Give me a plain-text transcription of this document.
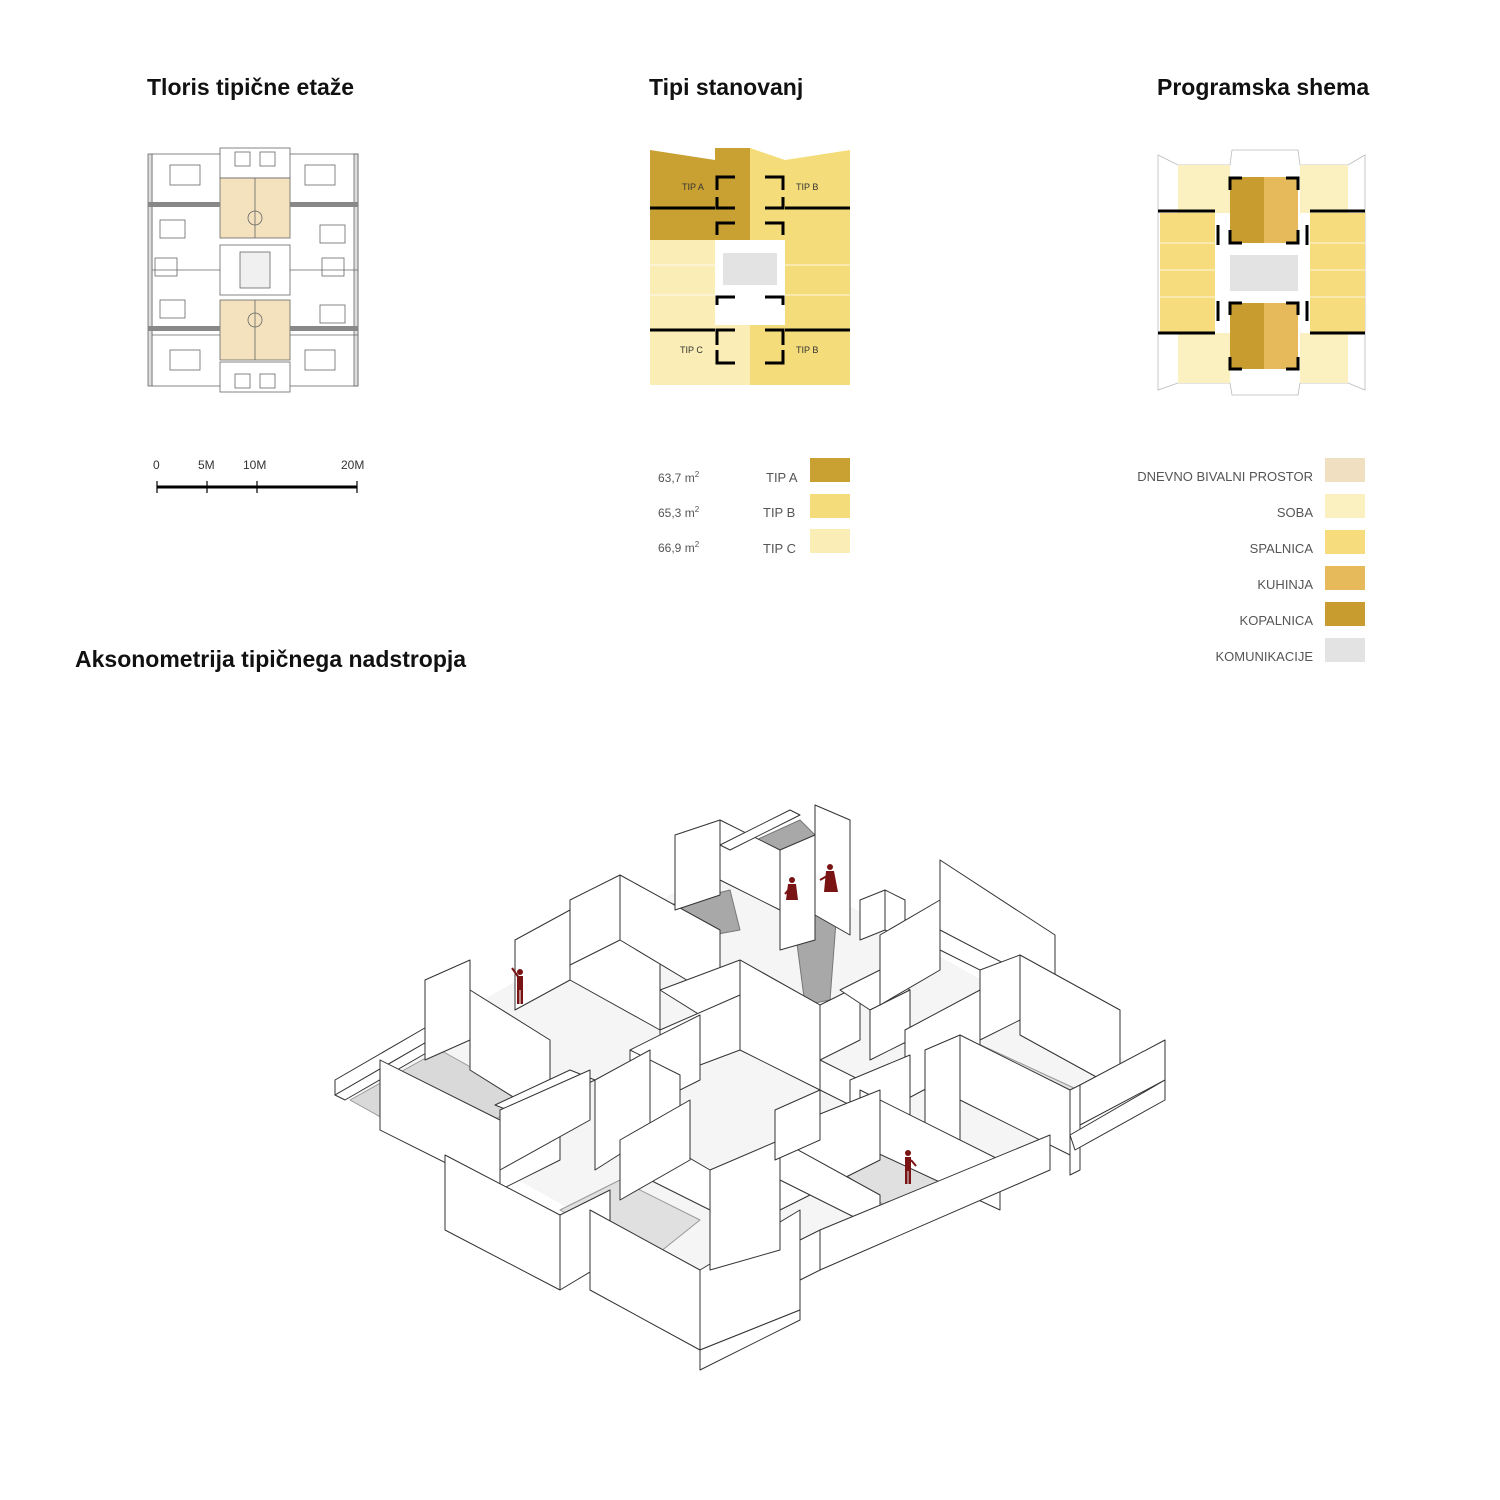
Tloris tipične etaže	Tipi stanovanj	Programska shema
Aksonometrija tipičnega nadstropja
0	5M 10M	20M
TIP A	TIP B
TIP C	TIP B
63,7 $m^2$	TIP A
65,3 $m^2$	TIP B
66,9 $m^2$	TIP C
DNEVNO BIVALNI PROSTOR
SOBA
SPALNICA
KUHINJA
KOPALNICA
KOMUNIKACIJE
